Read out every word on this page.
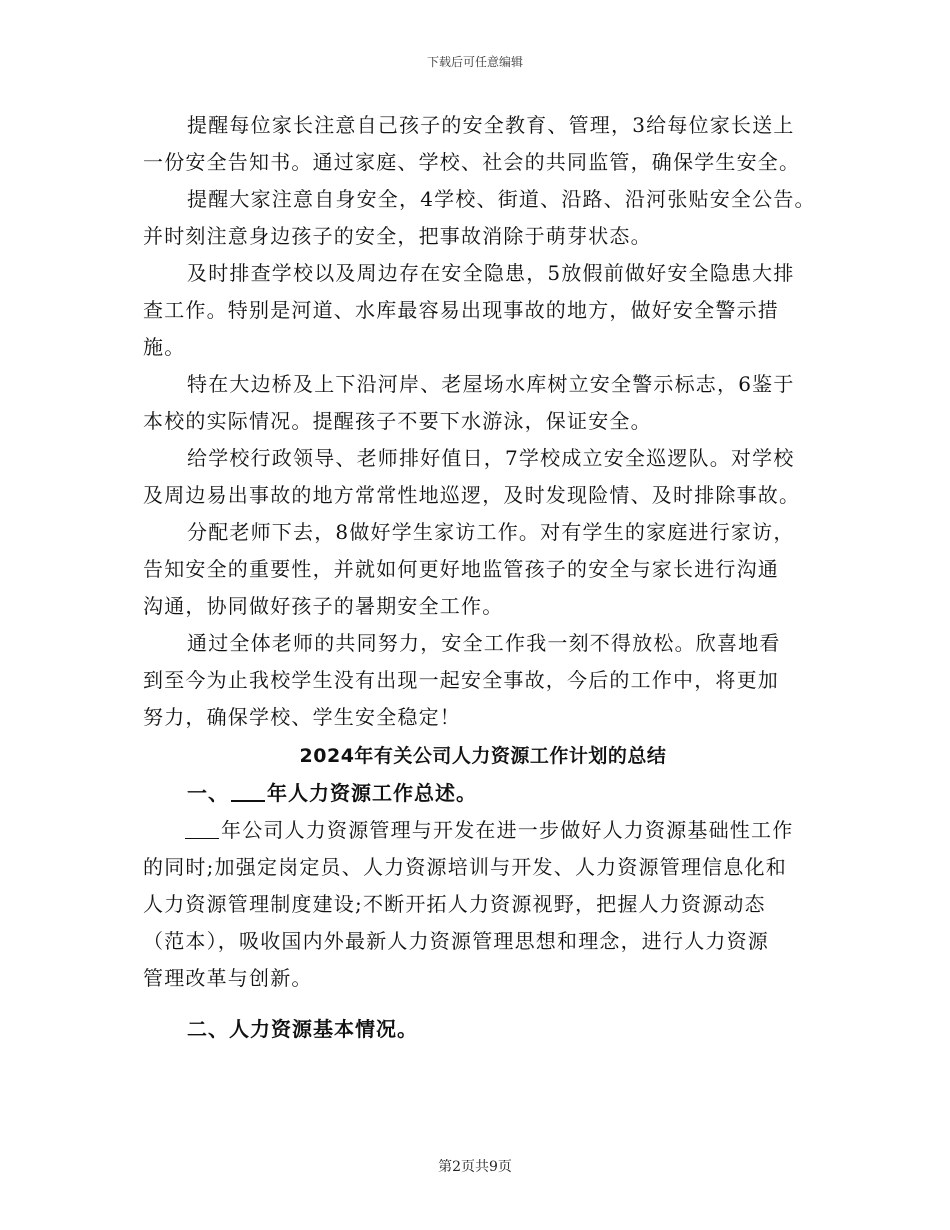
下载后可任意编辑
提醒每位家长注意自己孩子的安全教育、管理，3给每位家长送上
一份安全告知书。通过家庭、学校、社会的共同监管，确保学生安全。
提醒大家注意自身安全，4学校、街道、沿路、沿河张贴安全公告。
并时刻注意身边孩子的安全，把事故消除于萌芽状态。
及时排查学校以及周边存在安全隐患，5放假前做好安全隐患大排
查工作。特别是河道、水库最容易出现事故的地方，做好安全警示措
施。
特在大边桥及上下沿河岸、老屋场水库树立安全警示标志，6鉴于
本校的实际情况。提醒孩子不要下水游泳，保证安全。
给学校行政领导、老师排好值日，7学校成立安全巡逻队。对学校
及周边易出事故的地方常常性地巡逻，及时发现险情、及时排除事故。
分配老师下去，8做好学生家访工作。对有学生的家庭进行家访，
告知安全的重要性，并就如何更好地监管孩子的安全与家长进行沟通
沟通，协同做好孩子的暑期安全工作。
通过全体老师的共同努力，安全工作我一刻不得放松。欣喜地看
到至今为止我校学生没有出现一起安全事故，今后的工作中，将更加
努力，确保学校、学生安全稳定！
2024年有关公司人力资源工作计划的总结
一、 年人力资源工作总述。
年公司人力资源管理与开发在进一步做好人力资源基础性工作
的同时;加强定岗定员、人力资源培训与开发、人力资源管理信息化和
人力资源管理制度建设;不断开拓人力资源视野，把握人力资源动态
（范本），吸收国内外最新人力资源管理思想和理念，进行人力资源
管理改革与创新。
二、人力资源基本情况。
第2页共9页
